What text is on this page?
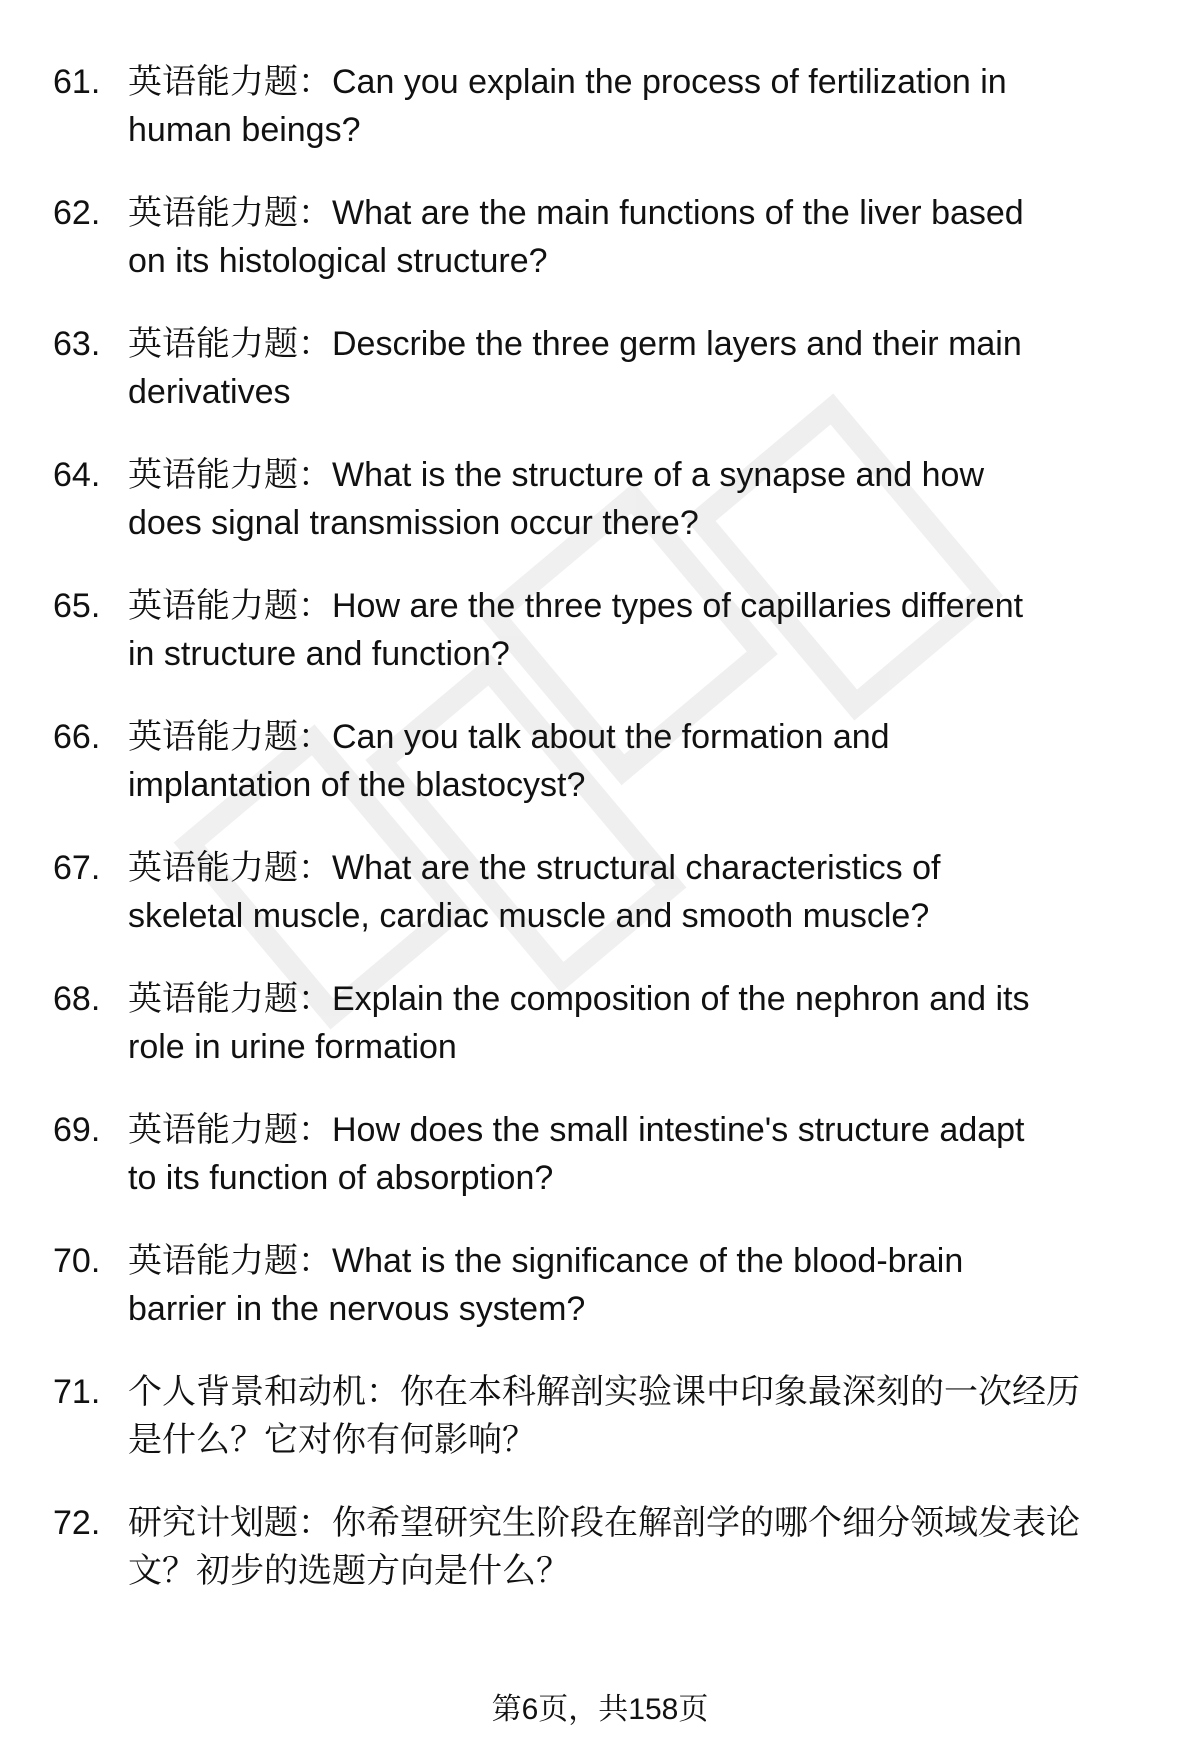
61. 英语能力题：Can you explain the process of fertilization in
human beings?
62. 英语能力题：What are the main functions of the liver based
on its histological structure?
63. 英语能力题：Describe the three germ layers and their main
derivatives
64. 英语能力题：What is the structure of a synapse and how
does signal transmission occur there?
65. 英语能力题：How are the three types of capillaries different
in structure and function?
66. 英语能力题：Can you talk about the formation and
implantation of the blastocyst?
67. 英语能力题：What are the structural characteristics of
skeletal muscle, cardiac muscle and smooth muscle?
68. 英语能力题：Explain the composition of the nephron and its
role in urine formation
69. 英语能力题：How does the small intestine's structure adapt
to its function of absorption?
70. 英语能力题：What is the significance of the blood-brain
barrier in the nervous system?
71. 个人背景和动机：你在本科解剖实验课中印象最深刻的一次经历
是什么？它对你有何影响？
72. 研究计划题：你希望研究生阶段在解剖学的哪个细分领域发表论
文？初步的选题方向是什么？
第6页，共158页
